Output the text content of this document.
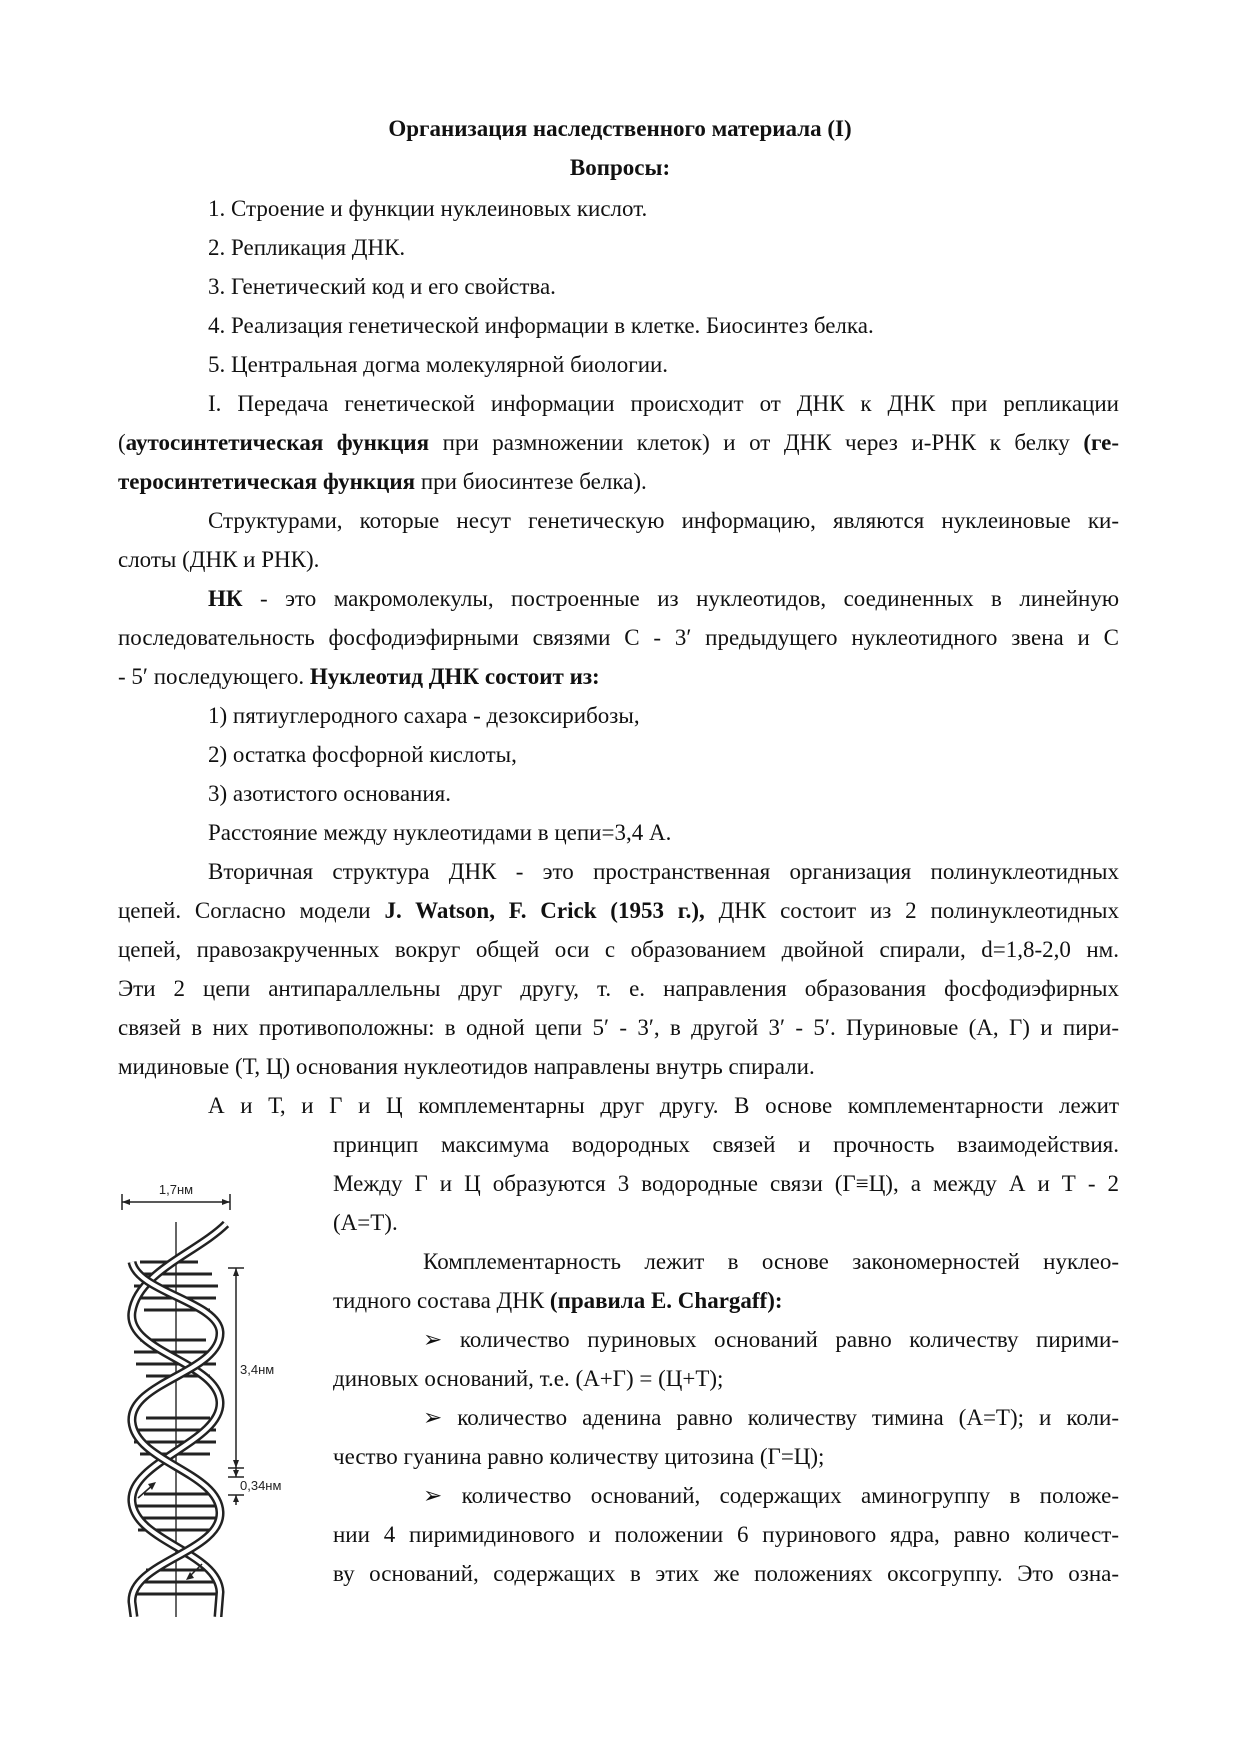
Организация наследственного материала (I)
Вопросы:
1. Строение и функции нуклеиновых кислот.
2. Репликация ДНК.
3. Генетический код и его свойства.
4. Реализация генетической информации в клетке. Биосинтез белка.
5. Центральная догма молекулярной биологии.
I. Передача генетической информации происходит от ДНК к ДНК при репликации
(аутосинтетическая функция при размножении клеток) и от ДНК через и-РНК к белку (ге-
теросинтетическая функция при биосинтезе белка).
Структурами, которые несут генетическую информацию, являются нуклеиновые ки-
слоты (ДНК и РНК).
НК - это макромолекулы, построенные из нуклеотидов, соединенных в линейную
последовательность фосфодиэфирными связями С - 3′ предыдущего нуклеотидного звена и С
- 5′ последующего. Нуклеотид ДНК состоит из:
1) пятиуглеродного сахара - дезоксирибозы,
2) остатка фосфорной кислоты,
3) азотистого основания.
Расстояние между нуклеотидами в цепи=3,4 А.
Вторичная структура ДНК - это пространственная организация полинуклеотидных
цепей. Согласно модели J. Watson, F. Crick (1953 г.), ДНК состоит из 2 полинуклеотидных
цепей, правозакрученных вокруг общей оси с образованием двойной спирали, d=1,8-2,0 нм.
Эти 2 цепи антипараллельны друг другу, т. е. направления образования фосфодиэфирных
связей в них противоположны: в одной цепи 5′ - 3′, в другой 3′ - 5′. Пуриновые (А, Г) и пири-
мидиновые (Т, Ц) основания нуклеотидов направлены внутрь спирали.
А и Т, и Г и Ц комплементарны друг другу. В основе комплементарности лежит
принцип максимума водородных связей и прочность взаимодействия.
Между Г и Ц образуются 3 водородные связи (Г≡Ц), а между А и Т - 2
(А=Т).
Комплементарность лежит в основе закономерностей нуклео-
тидного состава ДНК (правила E. Chargaff):
➢ количество пуриновых оснований равно количеству пирими-
диновых оснований, т.е. (А+Г) = (Ц+Т);
➢ количество аденина равно количеству тимина (А=Т); и коли-
чество гуанина равно количеству цитозина (Г=Ц);
➢ количество оснований, содержащих аминогруппу в положе-
нии 4 пиримидинового и положении 6 пуринового ядра, равно количест-
ву оснований, содержащих в этих же положениях оксогруппу. Это озна-
1,7нм
3,4нм
0,34нм
